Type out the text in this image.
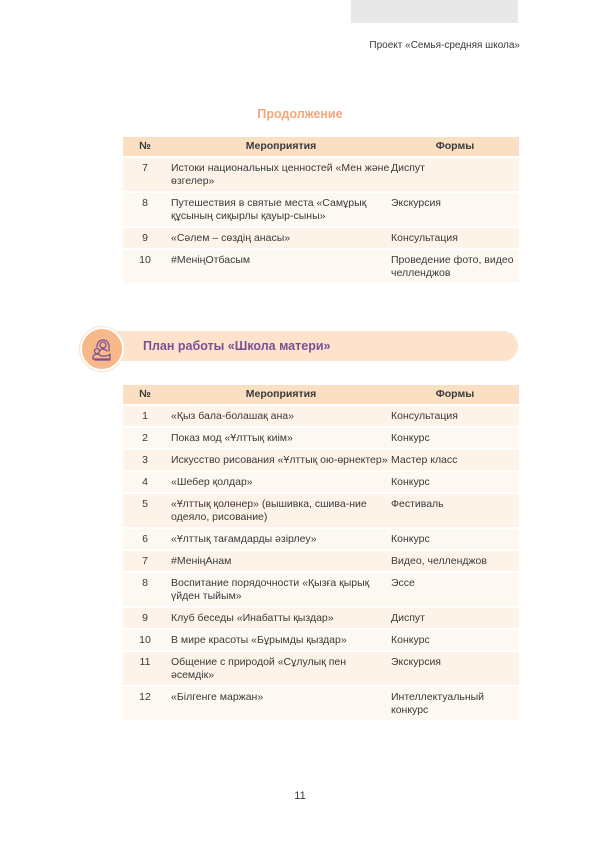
Проект «Семья-средняя школа»
Продолжение
№	Мероприятия	Формы
7	Истоки национальных ценностей «Мен және өзгелер»	Диспут
8	Путешествия в святые места «Самұрық құсының сиқырлы қауыр-сыны»	Экскурсия
9	«Сәлем – сөздің анасы»	Консультация
10	#МенiңОтбасым	Проведение фото, видео челленджов
План работы «Школа матери»
№	Мероприятия	Формы
1	«Қыз бала-болашақ ана»	Консультация
2	Показ мод «Ұлттық киім»	Конкурс
3	Искусство рисования «Ұлттық ою-өрнектер»	Мастер класс
4	«Шебер қолдар»	Конкурс
5	«Ұлттық қолөнер» (вышивка, сшива-ние одеяло, рисование)	Фестиваль
6	«Ұлттық тағамдарды әзірлеу»	Конкурс
7	#МенiңАнам	Видео, челленджов
8	Воспитание порядочности «Қызға қырық үйден тыйым»	Эссе
9	Клуб беседы «Инабатты қыздар»	Диспут
10	В мире красоты «Бұрымды қыздар»	Конкурс
11	Общение с природой «Сұлулық пен әсемдік»	Экскурсия
12	«Білгенге маржан»	Интеллектуальный конкурс
11
